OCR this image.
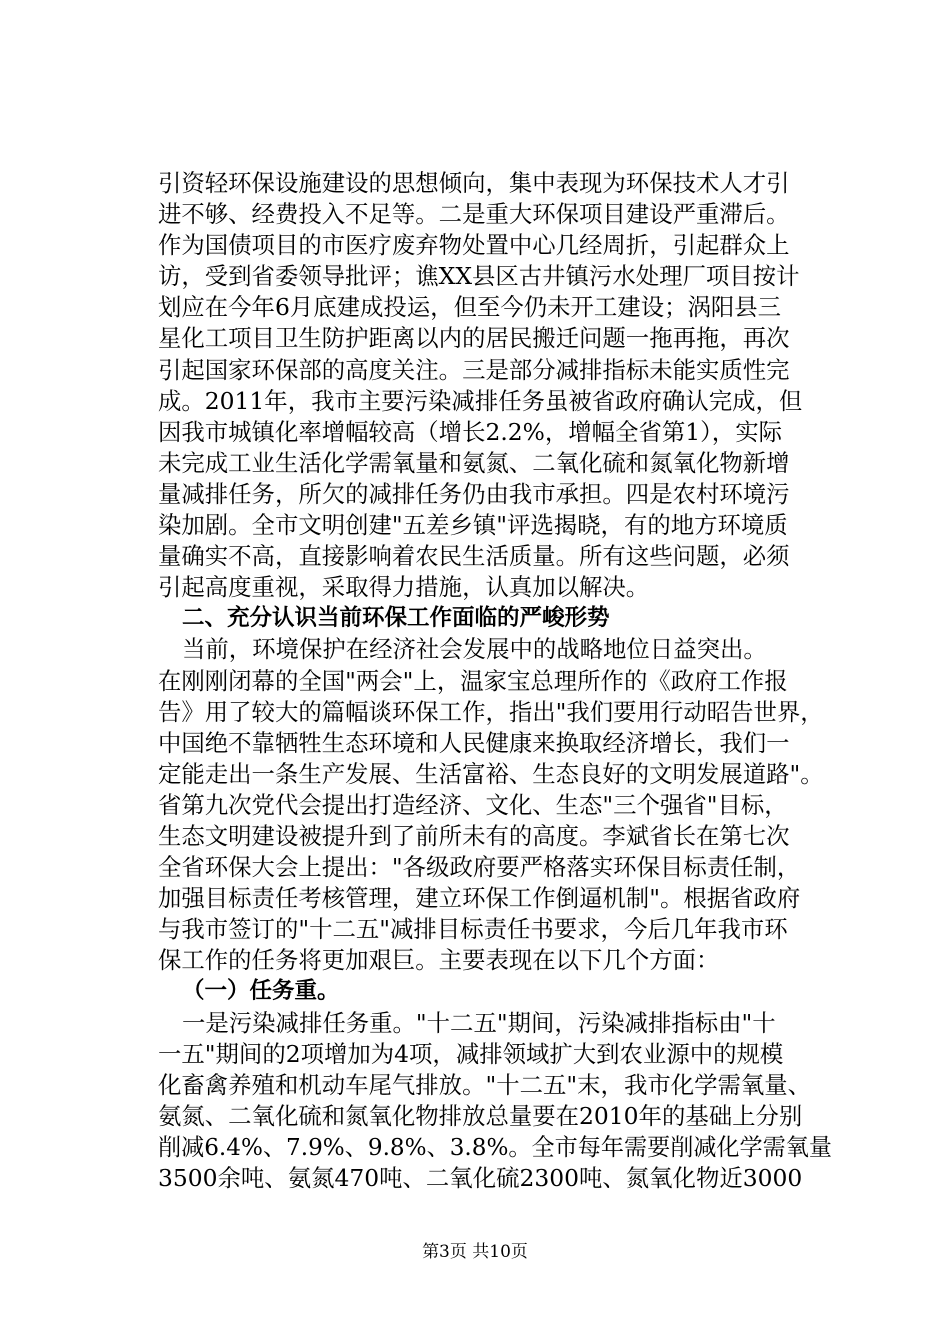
引资轻环保设施建设的思想倾向，集中表现为环保技术人才引
进不够、经费投入不足等。二是重大环保项目建设严重滞后。
作为国债项目的市医疗废弃物处置中心几经周折，引起群众上
访，受到省委领导批评；谯XX县区古井镇污水处理厂项目按计
划应在今年6月底建成投运，但至今仍未开工建设；涡阳县三
星化工项目卫生防护距离以内的居民搬迁问题一拖再拖，再次
引起国家环保部的高度关注。三是部分减排指标未能实质性完
成。2011年，我市主要污染减排任务虽被省政府确认完成，但
因我市城镇化率增幅较高（增长2.2%，增幅全省第1），实际
未完成工业生活化学需氧量和氨氮、二氧化硫和氮氧化物新增
量减排任务，所欠的减排任务仍由我市承担。四是农村环境污
染加剧。全市文明创建"五差乡镇"评选揭晓，有的地方环境质
量确实不高，直接影响着农民生活质量。所有这些问题，必须
引起高度重视，采取得力措施，认真加以解决。
二、充分认识当前环保工作面临的严峻形势
当前，环境保护在经济社会发展中的战略地位日益突出。
在刚刚闭幕的全国"两会"上，温家宝总理所作的《政府工作报
告》用了较大的篇幅谈环保工作，指出"我们要用行动昭告世界，
中国绝不靠牺牲生态环境和人民健康来换取经济增长，我们一
定能走出一条生产发展、生活富裕、生态良好的文明发展道路"。
省第九次党代会提出打造经济、文化、生态"三个强省"目标，
生态文明建设被提升到了前所未有的高度。李斌省长在第七次
全省环保大会上提出："各级政府要严格落实环保目标责任制，
加强目标责任考核管理，建立环保工作倒逼机制"。根据省政府
与我市签订的"十二五"减排目标责任书要求，今后几年我市环
保工作的任务将更加艰巨。主要表现在以下几个方面：
（一）任务重。
一是污染减排任务重。"十二五"期间，污染减排指标由"十
一五"期间的2项增加为4项，减排领域扩大到农业源中的规模
化畜禽养殖和机动车尾气排放。"十二五"末，我市化学需氧量、
氨氮、二氧化硫和氮氧化物排放总量要在2010年的基础上分别
削减6.4%、7.9%、9.8%、3.8%。全市每年需要削减化学需氧量
3500余吨、氨氮470吨、二氧化硫2300吨、氮氧化物近3000
第3页 共10页
